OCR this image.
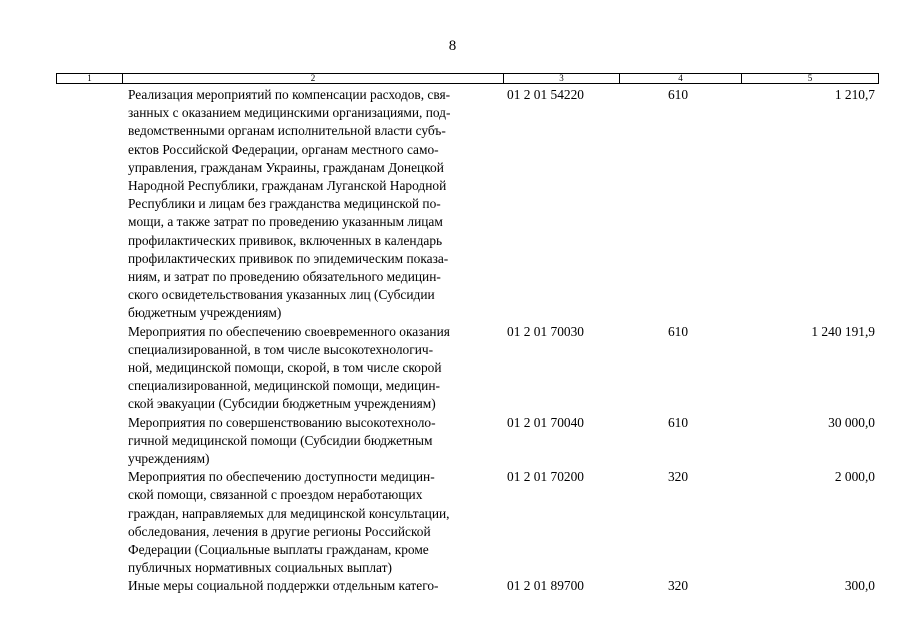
8
1	2	3	4	5
Реализация мероприятий по компенсации расходов, свя-
занных с оказанием медицинскими организациями, под-
ведомственными органам исполнительной власти субъ-
ектов Российской Федерации, органам местного само-
управления, гражданам Украины, гражданам Донецкой
Народной Республики, гражданам Луганской Народной
Республики и лицам без гражданства медицинской по-
мощи, а также затрат по проведению указанным лицам
профилактических прививок, включенных в календарь
профилактических прививок по эпидемическим показа-
ниям, и затрат по проведению обязательного медицин-
ского освидетельствования указанных лиц (Субсидии
бюджетным учреждениям)
01 2 01 54220	610	1 210,7
Мероприятия по обеспечению своевременного оказания
специализированной, в том числе высокотехнологич-
ной, медицинской помощи, скорой, в том числе скорой
специализированной, медицинской помощи, медицин-
ской эвакуации (Субсидии бюджетным учреждениям)
01 2 01 70030	610	1 240 191,9
Мероприятия по совершенствованию высокотехноло-
гичной медицинской помощи (Субсидии бюджетным
учреждениям)
01 2 01 70040	610	30 000,0
Мероприятия по обеспечению доступности медицин-
ской помощи, связанной с проездом неработающих
граждан, направляемых для медицинской консультации,
обследования, лечения в другие регионы Российской
Федерации (Социальные выплаты гражданам, кроме
публичных нормативных социальных выплат)
01 2 01 70200	320	2 000,0
Иные меры социальной поддержки отдельным катего-	01 2 01 89700	320	300,0
